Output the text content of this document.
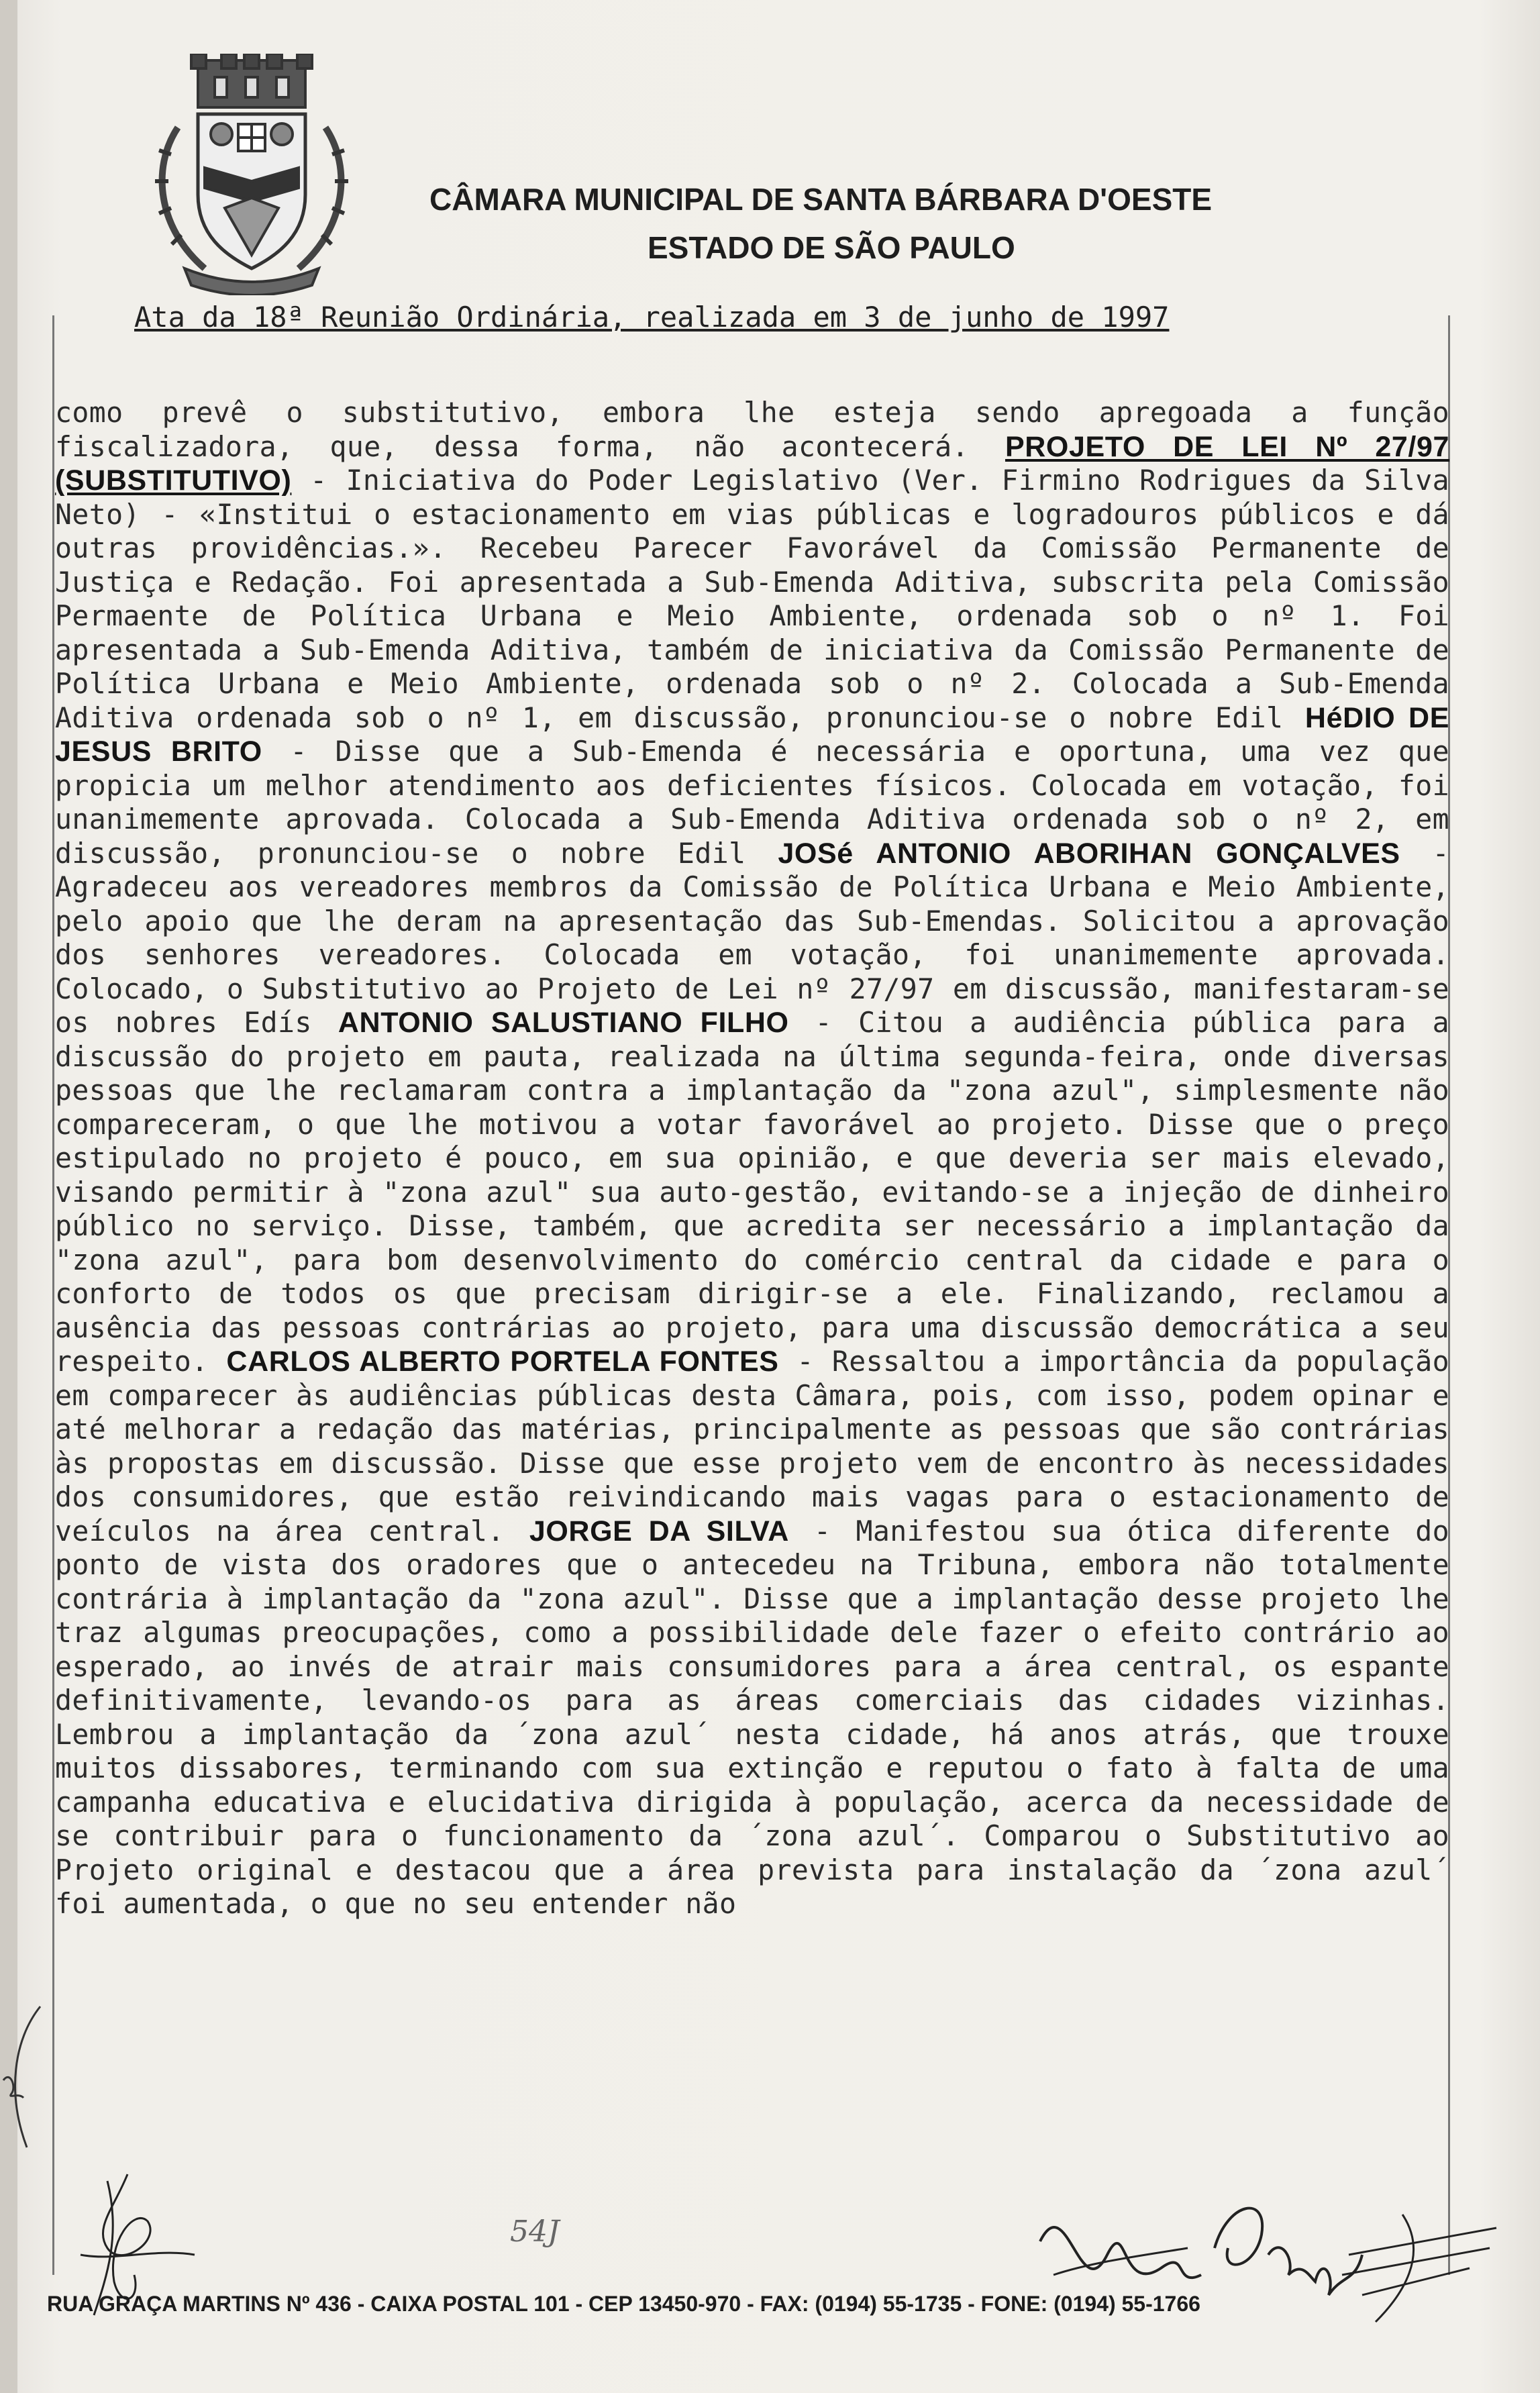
CÂMARA MUNICIPAL DE SANTA BÁRBARA D'OESTE
ESTADO DE SÃO PAULO
Ata da 18ª Reunião Ordinária, realizada em 3 de junho de 1997
como prevê o substitutivo, embora lhe esteja sendo apregoada a função fiscalizadora, que, dessa forma, não acontecerá. PROJETO DE LEI Nº 27/97 (SUBSTITUTIVO) - Iniciativa do Poder Legislativo (Ver. Firmino Rodrigues da Silva Neto) - «Institui o estacionamento em vias públicas e logradouros públicos e dá outras providências.». Recebeu Parecer Favorável da Comissão Permanente de Justiça e Redação. Foi apresentada a Sub-Emenda Aditiva, subscrita pela Comissão Permaente de Política Urbana e Meio Ambiente, ordenada sob o nº 1. Foi apresentada a Sub-Emenda Aditiva, também de iniciativa da Comissão Permanente de Política Urbana e Meio Ambiente, ordenada sob o nº 2. Colocada a Sub-Emenda Aditiva ordenada sob o nº 1, em discussão, pronunciou-se o nobre Edil HéDIO DE JESUS BRITO - Disse que a Sub-Emenda é necessária e oportuna, uma vez que propicia um melhor atendimento aos deficientes físicos. Colocada em votação, foi unanimemente aprovada. Colocada a Sub-Emenda Aditiva ordenada sob o nº 2, em discussão, pronunciou-se o nobre Edil JOSé ANTONIO ABORIHAN GONÇALVES - Agradeceu aos vereadores membros da Comissão de Política Urbana e Meio Ambiente, pelo apoio que lhe deram na apresentação das Sub-Emendas. Solicitou a aprovação dos senhores vereadores. Colocada em votação, foi unanimemente aprovada. Colocado, o Substitutivo ao Projeto de Lei nº 27/97 em discussão, manifestaram-se os nobres Edís ANTONIO SALUSTIANO FILHO - Citou a audiência pública para a discussão do projeto em pauta, realizada na última segunda-feira, onde diversas pessoas que lhe reclamaram contra a implantação da "zona azul", simplesmente não compareceram, o que lhe motivou a votar favorável ao projeto. Disse que o preço estipulado no projeto é pouco, em sua opinião, e que deveria ser mais elevado, visando permitir à "zona azul" sua auto-gestão, evitando-se a injeção de dinheiro público no serviço. Disse, também, que acredita ser necessário a implantação da "zona azul", para bom desenvolvimento do comércio central da cidade e para o conforto de todos os que precisam dirigir-se a ele. Finalizando, reclamou a ausência das pessoas contrárias ao projeto, para uma discussão democrática a seu respeito. CARLOS ALBERTO PORTELA FONTES - Ressaltou a importância da população em comparecer às audiências públicas desta Câmara, pois, com isso, podem opinar e até melhorar a redação das matérias, principalmente as pessoas que são contrárias às propostas em discussão. Disse que esse projeto vem de encontro às necessidades dos consumidores, que estão reivindicando mais vagas para o estacionamento de veículos na área central. JORGE DA SILVA - Manifestou sua ótica diferente do ponto de vista dos oradores que o antecedeu na Tribuna, embora não totalmente contrária à implantação da "zona azul". Disse que a implantação desse projeto lhe traz algumas preocupações, como a possibilidade dele fazer o efeito contrário ao esperado, ao invés de atrair mais consumidores para a área central, os espante definitivamente, levando-os para as áreas comerciais das cidades vizinhas. Lembrou a implantação da ´zona azul´ nesta cidade, há anos atrás, que trouxe muitos dissabores, terminando com sua extinção e reputou o fato à falta de uma campanha educativa e elucidativa dirigida à população, acerca da necessidade de se contribuir para o funcionamento da ´zona azul´. Comparou o Substitutivo ao Projeto original e destacou que a área prevista para instalação da ´zona azul´ foi aumentada, o que no seu entender não
54J
RUA GRAÇA MARTINS Nº 436 - CAIXA POSTAL 101 - CEP 13450-970 - FAX: (0194) 55-1735 - FONE: (0194) 55-1766
